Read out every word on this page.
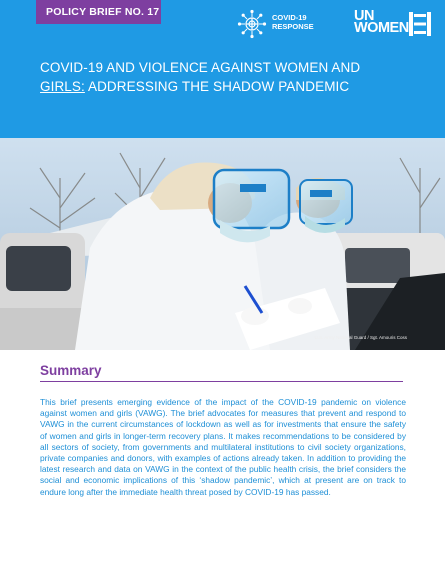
POLICY BRIEF NO. 17	COVID-19
RESPONSE
UN
WOMEN
COVID-19 AND VIOLENCE AGAINST WOMEN AND
GIRLS: ADDRESSING THE SHADOW PANDEMIC
U.S. Army National Guard / Sgt. Amouris Coss
Summary
This brief presents emerging evidence of the impact of the COVID-19 pandemic on violence against women and girls (VAWG). The brief advocates for measures that prevent and respond to VAWG in the current circumstances of lockdown as well as for investments that ensure the safety of women and girls in longer-term recovery plans. It makes recommendations to be considered by all sectors of society, from governments and multilateral institutions to civil society organizations, private companies and donors, with examples of actions already taken. In addition to providing the latest research and data on VAWG in the context of the public health crisis, the brief considers the social and economic implications of this ‘shadow pandemic’, which at present are on track to endure long after the immediate health threat posed by COVID-19 has passed.
